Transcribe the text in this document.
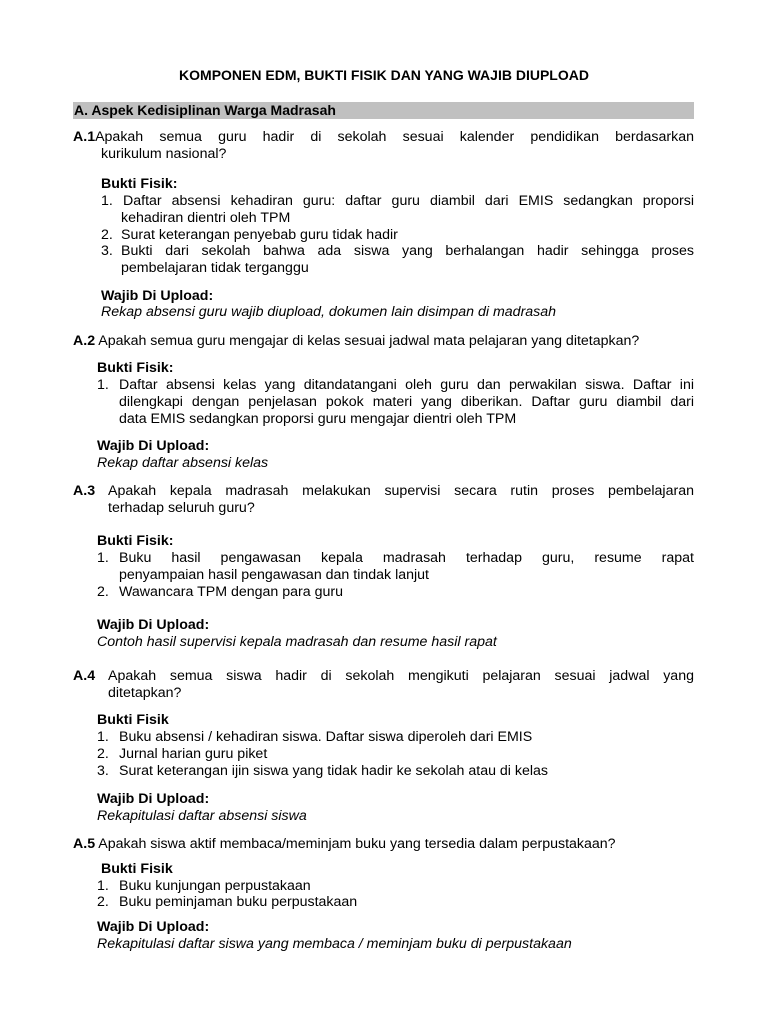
KOMPONEN EDM, BUKTI FISIK DAN YANG WAJIB DIUPLOAD
A. Aspek Kedisiplinan Warga Madrasah
A.1Apakah semua guru hadir di sekolah sesuai kalender pendidikan berdasarkan
kurikulum nasional?
Bukti Fisik:
1. Daftar absensi kehadiran guru: daftar guru diambil dari EMIS sedangkan proporsi
kehadiran dientri oleh TPM
2. Surat keterangan penyebab guru tidak hadir
3. Bukti dari sekolah bahwa ada siswa yang berhalangan hadir sehingga proses
pembelajaran tidak terganggu
Wajib Di Upload:
Rekap absensi guru wajib diupload, dokumen lain disimpan di madrasah
A.2 Apakah semua guru mengajar di kelas sesuai jadwal mata pelajaran yang ditetapkan?
Bukti Fisik:
1. Daftar absensi kelas yang ditandatangani oleh guru dan perwakilan siswa. Daftar ini
dilengkapi dengan penjelasan pokok materi yang diberikan. Daftar guru diambil dari
data EMIS sedangkan proporsi guru mengajar dientri oleh TPM
Wajib Di Upload:
Rekap daftar absensi kelas
A.3 Apakah kepala madrasah melakukan supervisi secara rutin proses pembelajaran
terhadap seluruh guru?
Bukti Fisik:
1. Buku hasil pengawasan kepala madrasah terhadap guru, resume rapat
penyampaian hasil pengawasan dan tindak lanjut
2. Wawancara TPM dengan para guru
Wajib Di Upload:
Contoh hasil supervisi kepala madrasah dan resume hasil rapat
A.4 Apakah semua siswa hadir di sekolah mengikuti pelajaran sesuai jadwal yang
ditetapkan?
Bukti Fisik
1. Buku absensi / kehadiran siswa. Daftar siswa diperoleh dari EMIS
2. Jurnal harian guru piket
3. Surat keterangan ijin siswa yang tidak hadir ke sekolah atau di kelas
Wajib Di Upload:
Rekapitulasi daftar absensi siswa
A.5 Apakah siswa aktif membaca/meminjam buku yang tersedia dalam perpustakaan?
Bukti Fisik
1. Buku kunjungan perpustakaan
2. Buku peminjaman buku perpustakaan
Wajib Di Upload:
Rekapitulasi daftar siswa yang membaca / meminjam buku di perpustakaan
